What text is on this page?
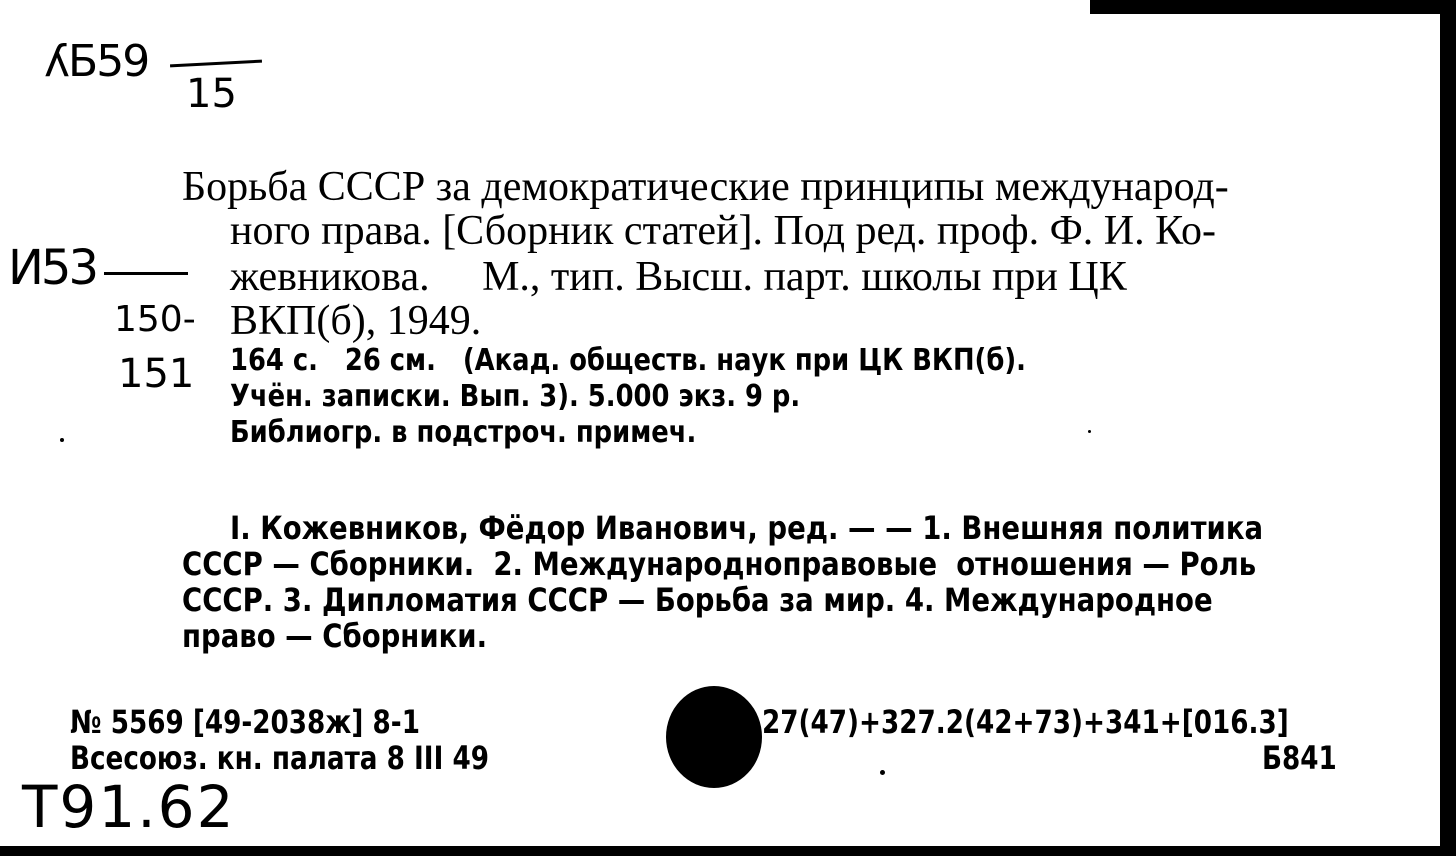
ʎБ59
15
И53
150-
151
T91.62
Борьба СССР за демократические принципы международ-
ного права. [Сборник статей]. Под ред. проф. Ф. И. Ко-
жевникова.     М., тип. Высш. парт. школы при ЦК
ВКП(б), 1949.
164 с.   26 см.   (Акад. обществ. наук при ЦК ВКП(б).
Учён. записки. Вып. 3). 5.000 экз. 9 р.
Библиогр. в подстроч. примеч.
I. Кожевников, Фёдор Иванович, ред. — — 1. Внешняя политика
СССР — Сборники.  2. Международноправовые  отношения — Роль
СССР. 3. Дипломатия СССР — Борьба за мир. 4. Международное
право — Сборники.
№ 5569 [49-2038ж] 8-1
Всесоюз. кн. палата 8 III 49
27(47)+327.2(42+73)+341+[016.3]
Б841
